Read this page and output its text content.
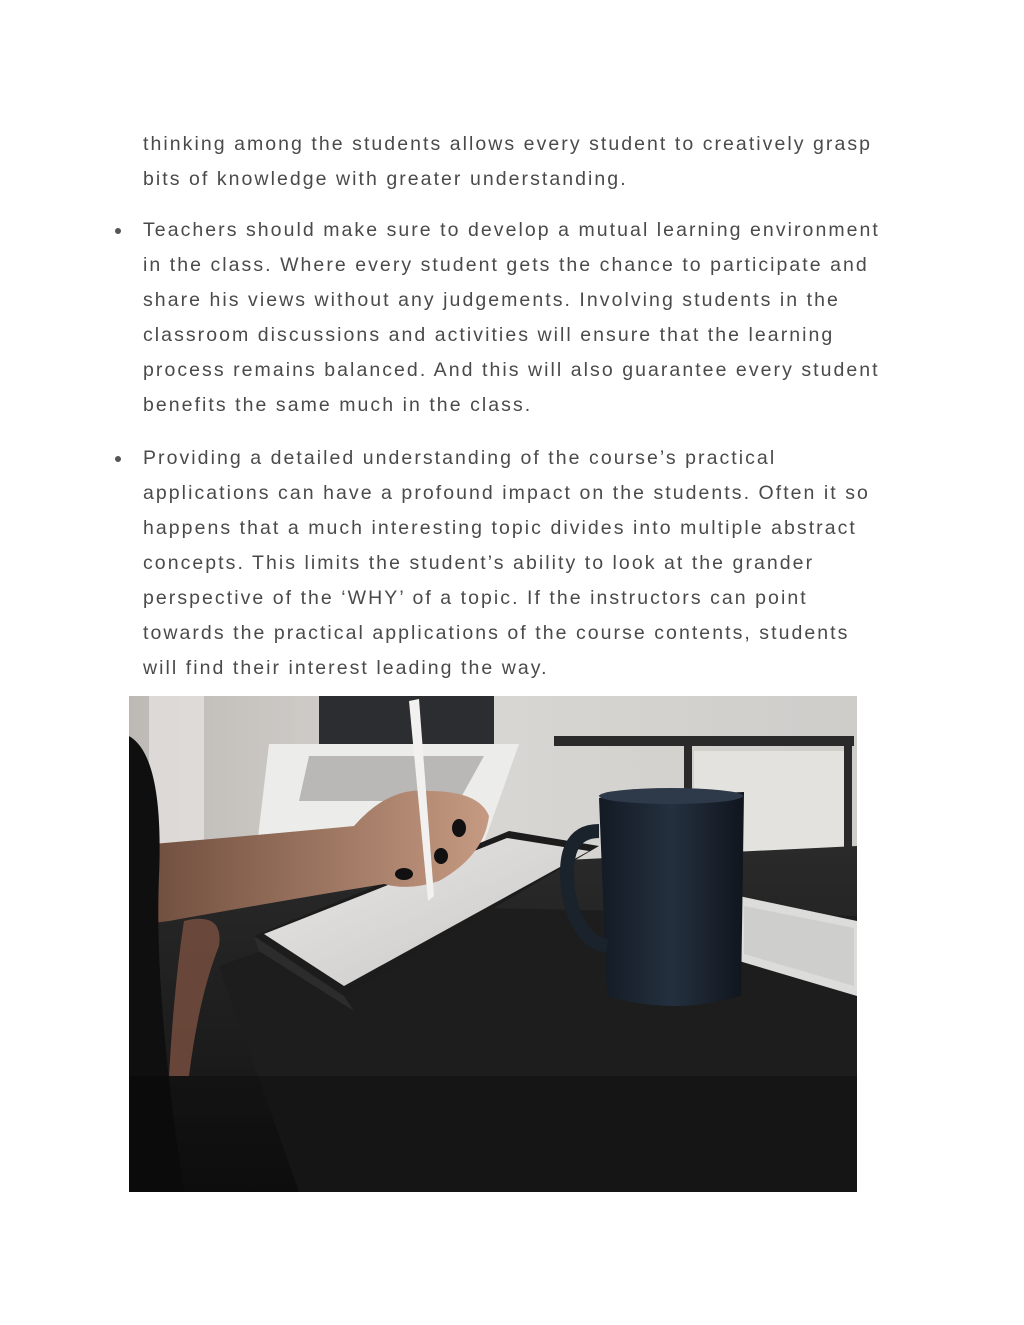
thinking among the students allows every student to creatively grasp
bits of knowledge with greater understanding.
Teachers should make sure to develop a mutual learning environment
in the class. Where every student gets the chance to participate and
share his views without any judgements. Involving students in the
classroom discussions and activities will ensure that the learning
process remains balanced. And this will also guarantee every student
benefits the same much in the class.
Providing a detailed understanding of the course’s practical
applications can have a profound impact on the students. Often it so
happens that a much interesting topic divides into multiple abstract
concepts. This limits the student’s ability to look at the grander
perspective of the ‘WHY’ of a topic. If the instructors can point
towards the practical applications of the course contents, students
will find their interest leading the way.
